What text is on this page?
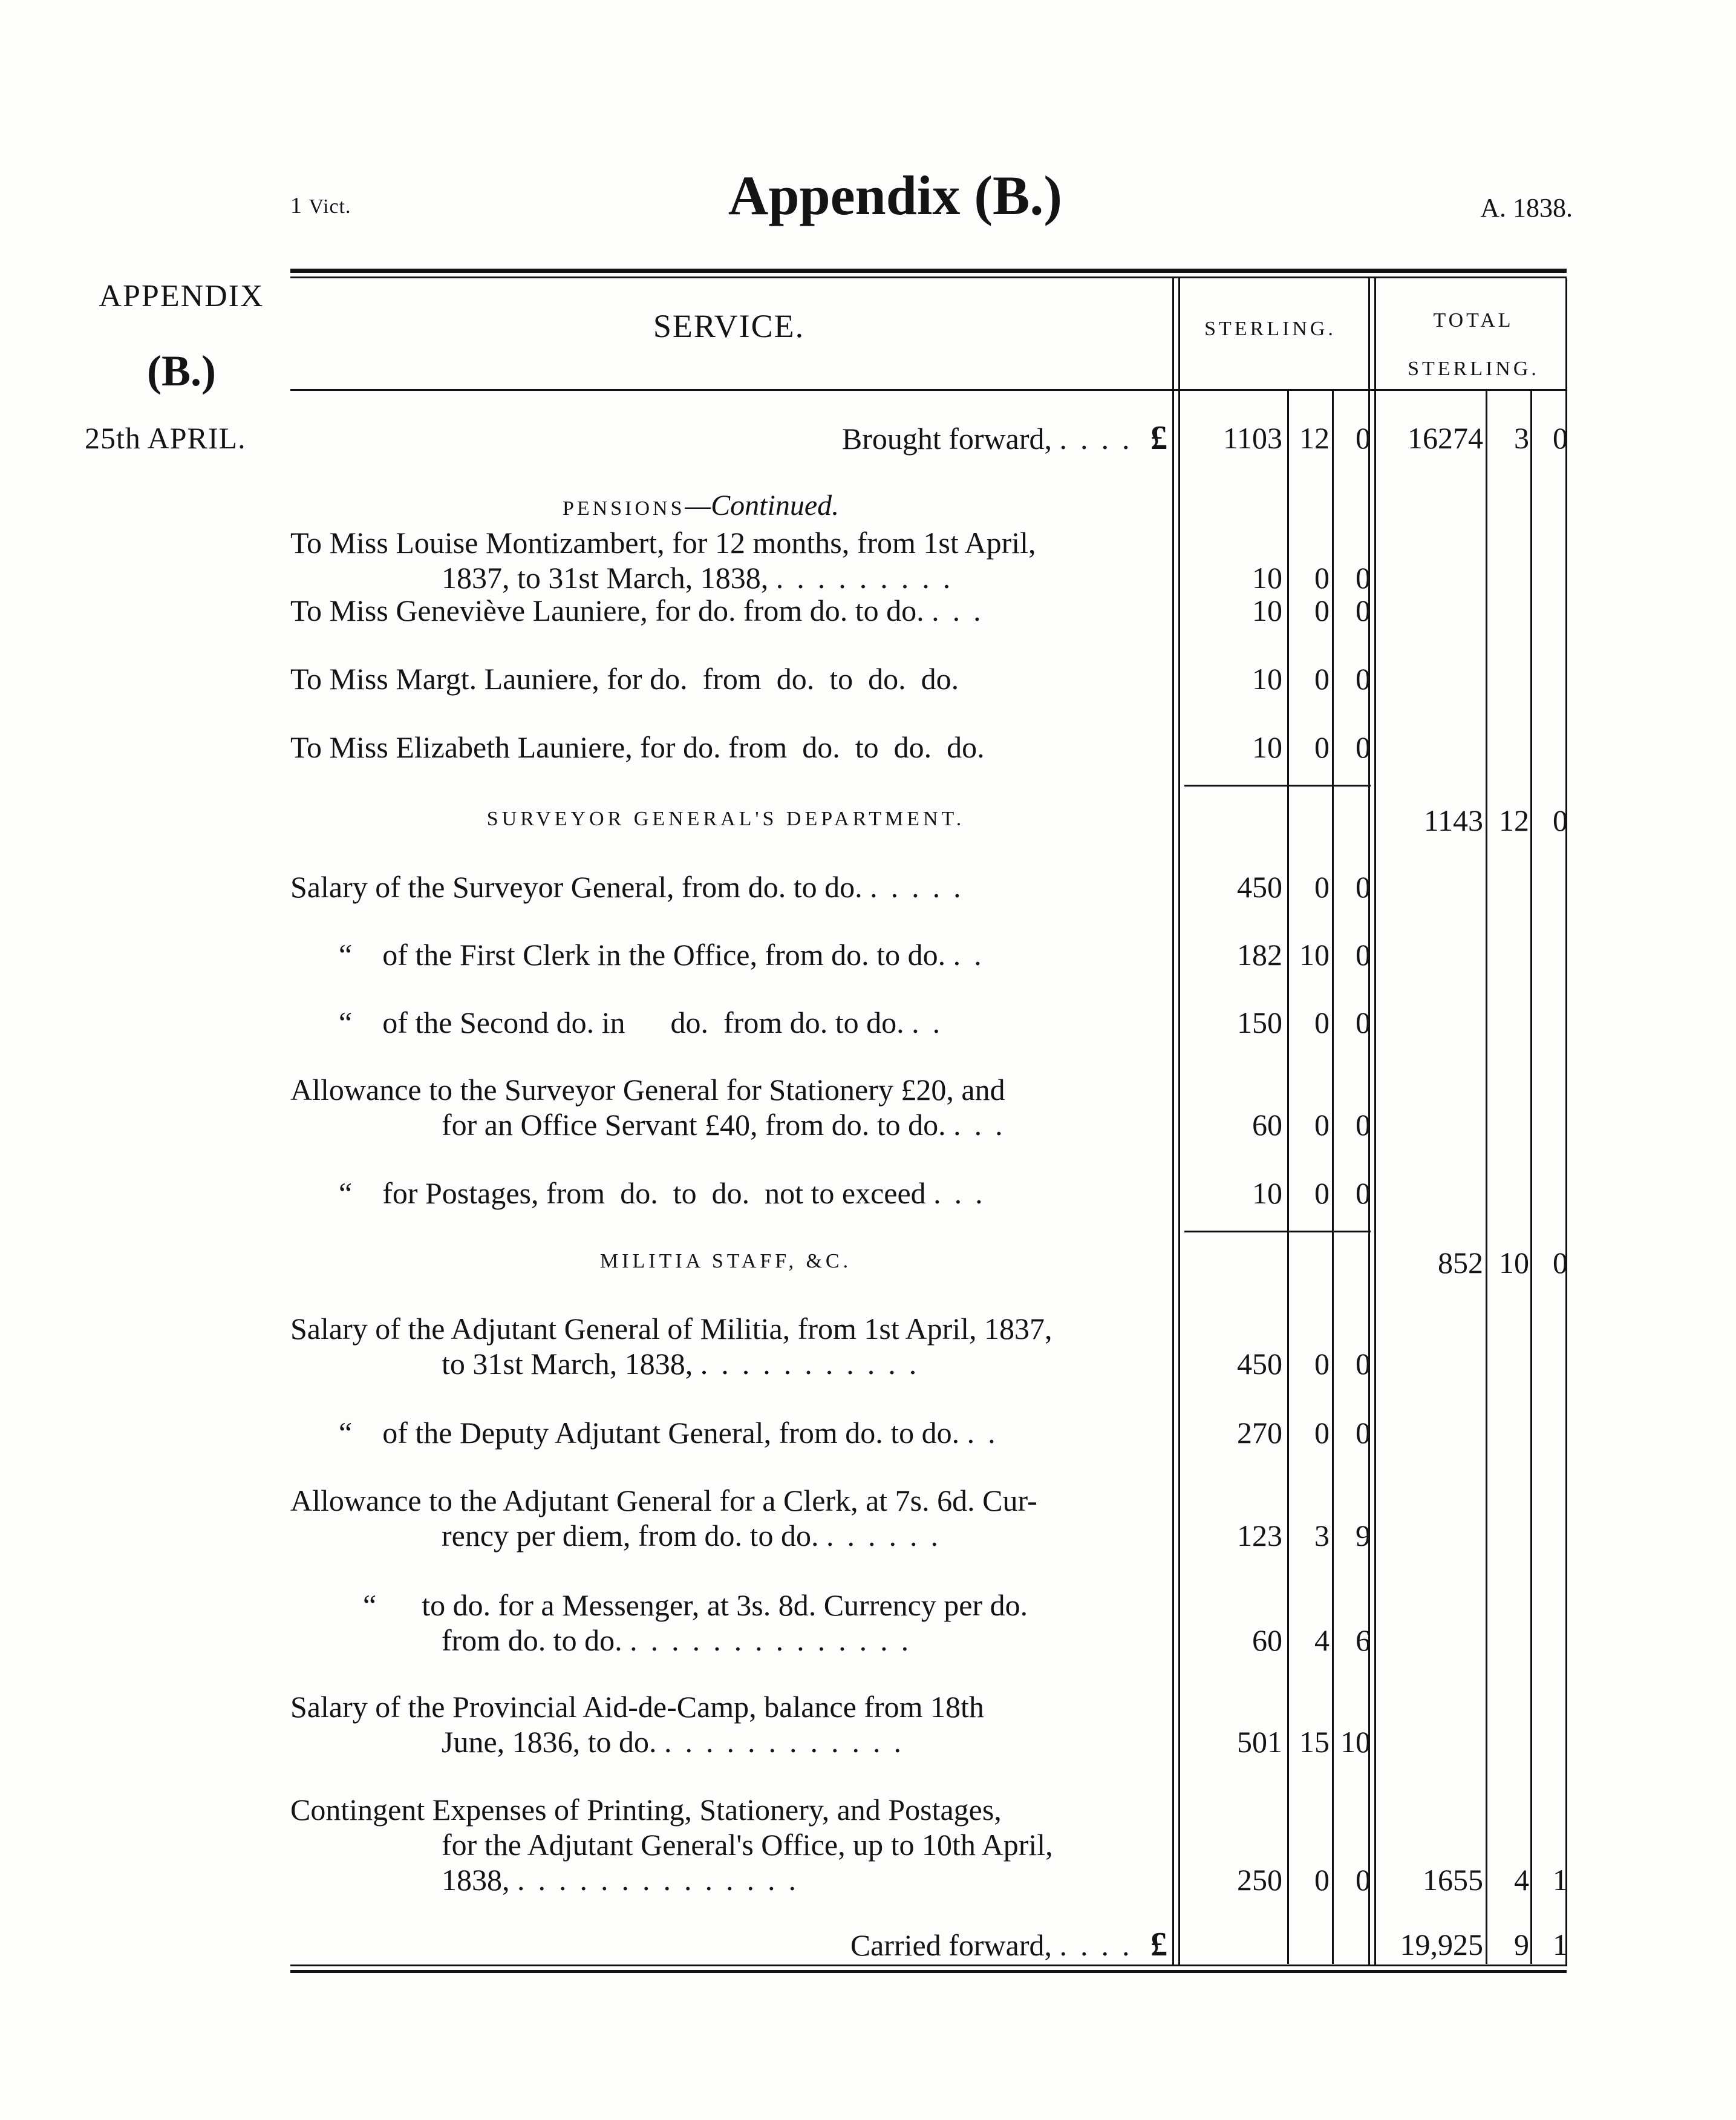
1 Vict.	Appendix (B.)	A. 1838.
APPENDIX
(B.)
25th APRIL.
SERVICE.	STERLING.	TOTAL
STERLING.
Brought forward, .... £	1103 12 0	16274	3 0
PENSIONS—Continued.
To Miss Louise Montizambert, for 12 months, from 1st April,
1837, to 31st March, 1838, .........	10	0 0
To Miss Geneviève Launiere, for do. from do. to do. ...	10	0 0
To Miss Margt. Launiere, for do.  from  do.  to  do.  do.	10	0 0
To Miss Elizabeth Launiere, for do. from  do.  to  do.  do.	10	0 0
SURVEYOR GENERAL'S DEPARTMENT.	1143 12 0
Salary of the Surveyor General, from do. to do. .....	450	0 0
“ of the First Clerk in the Office, from do. to do. ..	182 10 0
“ of the Second do. in      do.  from do. to do. ..	150	0 0
Allowance to the Surveyor General for Stationery £20, and
for an Office Servant £40, from do. to do. ...	60	0 0
“ for Postages, from  do.  to  do.  not to exceed ...	10	0 0
MILITIA STAFF, &C.	852 10 0
Salary of the Adjutant General of Militia, from 1st April, 1837,
to 31st March, 1838, ...........	450	0 0
“ of the Deputy Adjutant General, from do. to do. ..	270	0 0
Allowance to the Adjutant General for a Clerk, at 7s. 6d. Cur-
rency per diem, from do. to do. ......	123	3 9
“ to do. for a Messenger, at 3s. 8d. Currency per do.
from do. to do. ..............	60	4 6
Salary of the Provincial Aid-de-Camp, balance from 18th
June, 1836, to do. ............	501 15 10
Contingent Expenses of Printing, Stationery, and Postages,
for the Adjutant General's Office, up to 10th April,
1838, ..............	250	0 0	1655	4 1
Carried forward, .... £	19,925	9 1
